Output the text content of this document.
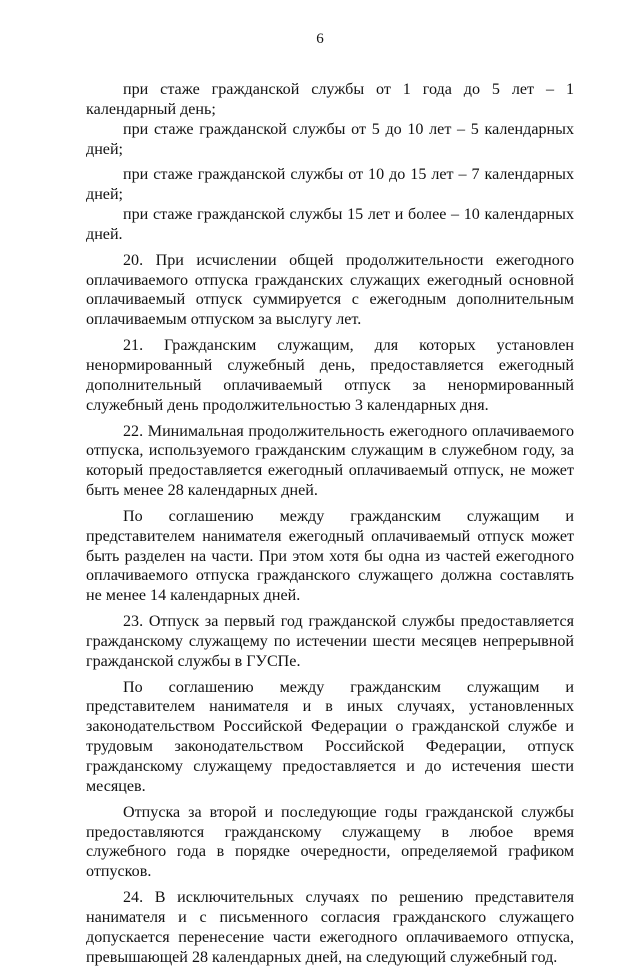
6

при стаже гражданской службы от 1 года до 5 лет – 1 календарный день;

при стаже гражданской службы от 5 до 10 лет – 5 календарных дней;

при стаже гражданской службы от 10 до 15 лет – 7 календарных дней;

при стаже гражданской службы 15 лет и более – 10 календарных дней.

20. При исчислении общей продолжительности ежегодного оплачиваемого отпуска гражданских служащих ежегодный основной оплачиваемый отпуск суммируется с ежегодным дополнительным оплачиваемым отпуском за выслугу лет.

21. Гражданским служащим, для которых установлен ненормированный служебный день, предоставляется ежегодный дополнительный оплачиваемый отпуск за ненормированный служебный день продолжительностью 3 календарных дня.

22. Минимальная продолжительность ежегодного оплачиваемого отпуска, используемого гражданским служащим в служебном году, за который предоставляется ежегодный оплачиваемый отпуск, не может быть менее 28 календарных дней.

По соглашению между гражданским служащим и представителем нанимателя ежегодный оплачиваемый отпуск может быть разделен на части. При этом хотя бы одна из частей ежегодного оплачиваемого отпуска гражданского служащего должна составлять не менее 14 календарных дней.

23. Отпуск за первый год гражданской службы предоставляется гражданскому служащему по истечении шести месяцев непрерывной гражданской службы в ГУСПе.

По соглашению между гражданским служащим и представителем нанимателя и в иных случаях, установленных законодательством Российской Федерации о гражданской службе и трудовым законодательством Российской Федерации, отпуск гражданскому служащему предоставляется и до истечения шести месяцев.

Отпуска за второй и последующие годы гражданской службы предоставляются гражданскому служащему в любое время служебного года в порядке очередности, определяемой графиком отпусков.

24. В исключительных случаях по решению представителя нанимателя и с письменного согласия гражданского служащего допускается перенесение части ежегодного оплачиваемого отпуска, превышающей 28 календарных дней, на следующий служебный год.
